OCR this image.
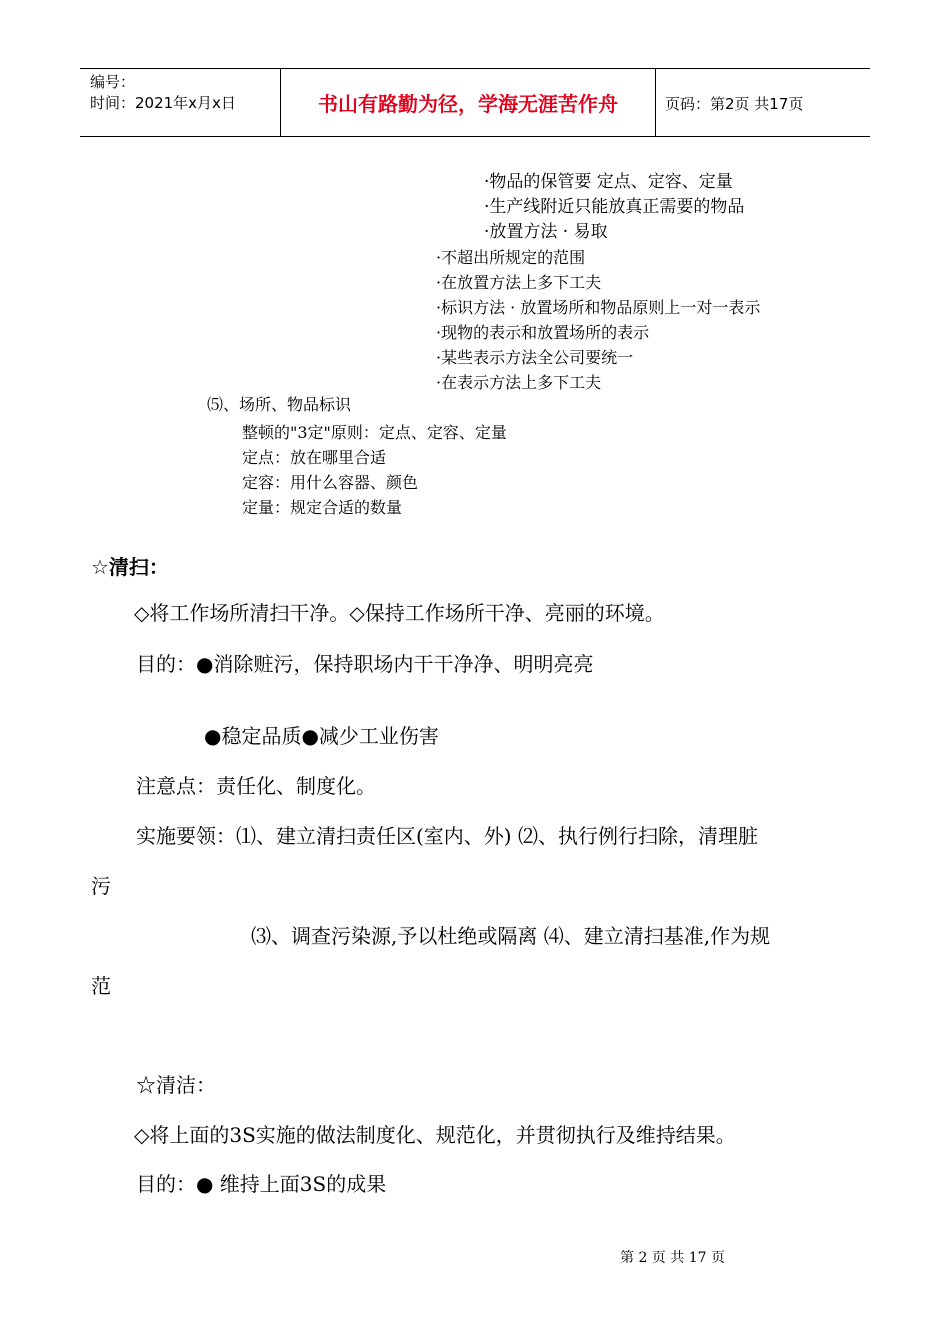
编号：
时间：2021年x月x日	书山有路勤为径，学海无涯苦作舟	页码：第2页 共17页
·物品的保管要 定点、定容、定量
·生产线附近只能放真正需要的物品
·放置方法 · 易取
·不超出所规定的范围
·在放置方法上多下工夫
·标识方法 · 放置场所和物品原则上一对一表示
·现物的表示和放置场所的表示
·某些表示方法全公司要统一
·在表示方法上多下工夫
⑸、场所、物品标识
整顿的"3定"原则：定点、定容、定量
定点：放在哪里合适
定容：用什么容器、颜色
定量：规定合适的数量
☆清扫：
◇将工作场所清扫干净。◇保持工作场所干净、亮丽的环境。
目的：●消除赃污，保持职场内干干净净、明明亮亮
●稳定品质●减少工业伤害
注意点：责任化、制度化。
实施要领：⑴、建立清扫责任区(室内、外) ⑵、执行例行扫除，清理脏
污
⑶、调查污染源,予以杜绝或隔离 ⑷、建立清扫基准,作为规
范
☆清洁：
◇将上面的3S实施的做法制度化、规范化，并贯彻执行及维持结果。
目的：● 维持上面3S的成果
第 2 页 共 17 页
